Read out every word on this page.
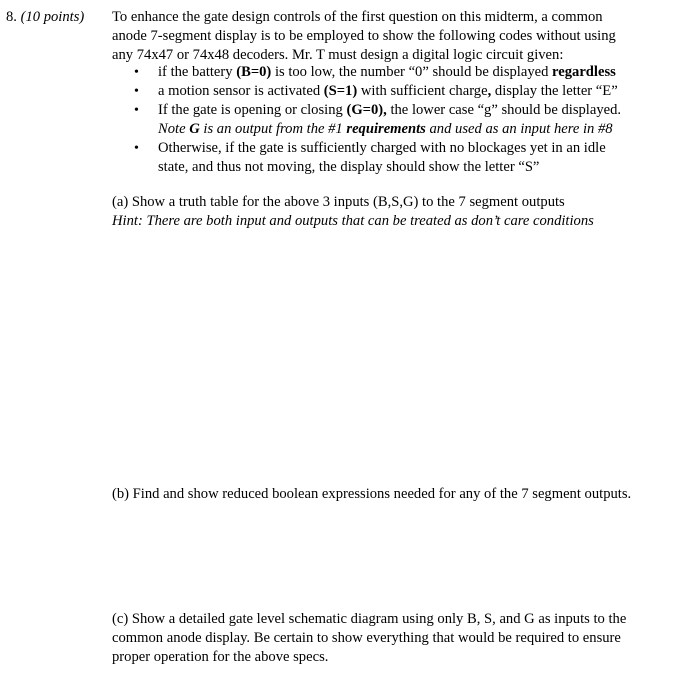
8. (10 points) To enhance the gate design controls of the first question on this midterm, a common
anode 7-segment display is to be employed to show the following codes without using
any 74x47 or 74x48 decoders. Mr. T must design a digital logic circuit given:
• if the battery (B=0) is too low, the number “0” should be displayed regardless
• a motion sensor is activated (S=1) with sufficient charge, display the letter “E”
• If the gate is opening or closing (G=0), the lower case “g” should be displayed.
Note G is an output from the #1 requirements and used as an input here in #8
• Otherwise, if the gate is sufficiently charged with no blockages yet in an idle
state, and thus not moving, the display should show the letter “S”
(a) Show a truth table for the above 3 inputs (B,S,G) to the 7 segment outputs
Hint: There are both input and outputs that can be treated as don’t care conditions
(b) Find and show reduced boolean expressions needed for any of the 7 segment outputs.
(c) Show a detailed gate level schematic diagram using only B, S, and G as inputs to the
common anode display. Be certain to show everything that would be required to ensure
proper operation for the above specs.
